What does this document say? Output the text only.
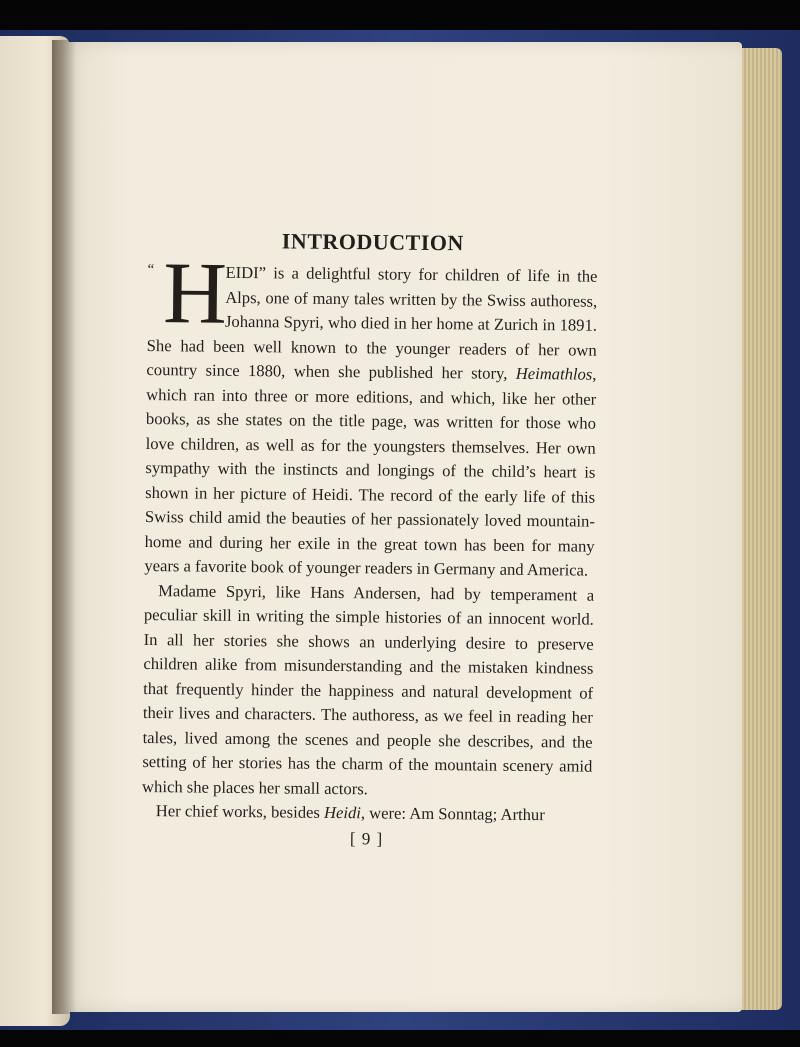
INTRODUCTION

“ H
EIDI” is a delightful story for children of life in the Alps, one of many tales written by the Swiss authoress, Johanna Spyri, who died in her home at Zurich in 1891. She had been well known to the younger readers of her own country since 1880, when she published her story, Heimathlos, which ran into three or more editions, and which, like her other books, as she states on the title page, was written for those who love children, as well as for the youngsters themselves. Her own sympathy with the instincts and longings of the child’s heart is shown in her picture of Heidi. The record of the early life of this Swiss child amid the beauties of her passionately loved mountain-home and during her exile in the great town has been for many years a favorite book of younger readers in Germany and America.

Madame Spyri, like Hans Andersen, had by temperament a peculiar skill in writing the simple histories of an innocent world. In all her stories she shows an underlying desire to preserve children alike from misunderstanding and the mistaken kindness that frequently hinder the happiness and natural development of their lives and characters. The authoress, as we feel in reading her tales, lived among the scenes and people she describes, and the setting of her stories has the charm of the mountain scenery amid which she places her small actors.

Her chief works, besides Heidi, were: Am Sonntag; Arthur

[ 9 ]
